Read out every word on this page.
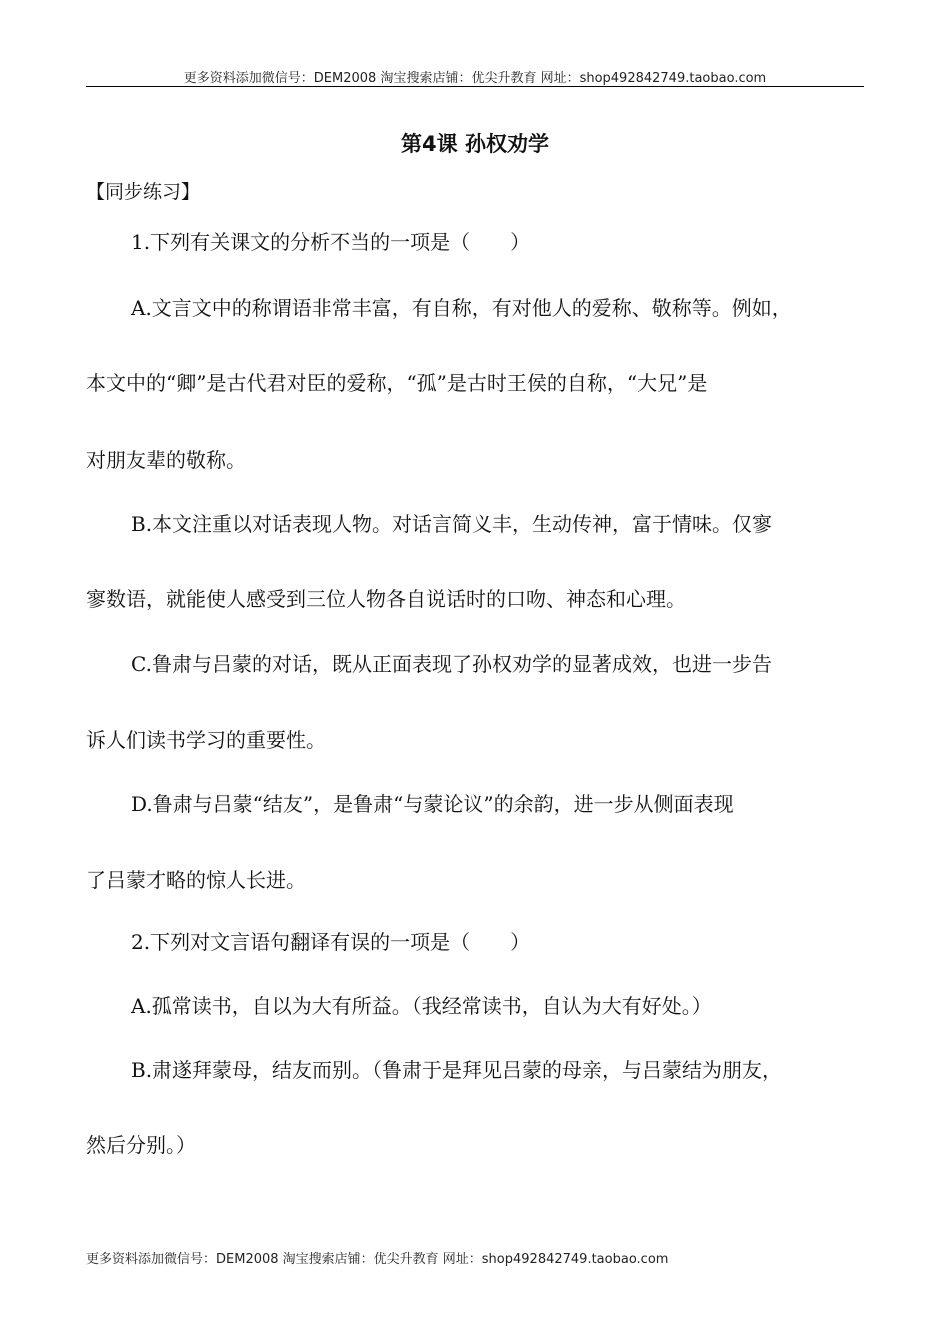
更多资料添加微信号：DEM2008 淘宝搜索店铺：优尖升教育 网址：shop492842749.taobao.com
第4课 孙权劝学
【同步练习】
1.下列有关课文的分析不当的一项是（　　）
A.文言文中的称谓语非常丰富，有自称，有对他人的爱称、敬称等。例如，
本文中的“卿”是古代君对臣的爱称，“孤”是古时王侯的自称，“大兄”是
对朋友辈的敬称。
B.本文注重以对话表现人物。对话言简义丰，生动传神，富于情味。仅寥
寥数语，就能使人感受到三位人物各自说话时的口吻、神态和心理。
C.鲁肃与吕蒙的对话，既从正面表现了孙权劝学的显著成效，也进一步告
诉人们读书学习的重要性。
D.鲁肃与吕蒙“结友”，是鲁肃“与蒙论议”的余韵，进一步从侧面表现
了吕蒙才略的惊人长进。
2.下列对文言语句翻译有误的一项是（　　）
A.孤常读书，自以为大有所益。（我经常读书，自认为大有好处。）
B.肃遂拜蒙母，结友而别。（鲁肃于是拜见吕蒙的母亲，与吕蒙结为朋友，
然后分别。）
更多资料添加微信号：DEM2008 淘宝搜索店铺：优尖升教育 网址：shop492842749.taobao.com
